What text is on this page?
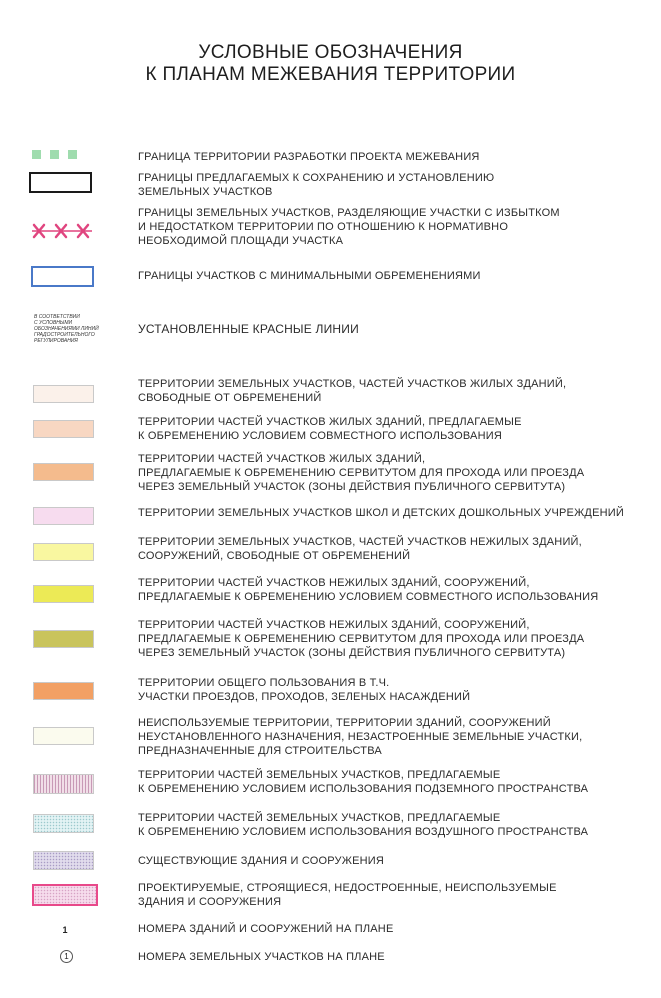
УСЛОВНЫЕ ОБОЗНАЧЕНИЯ
К ПЛАНАМ МЕЖЕВАНИЯ ТЕРРИТОРИИ
ГРАНИЦА ТЕРРИТОРИИ РАЗРАБОТКИ ПРОЕКТА МЕЖЕВАНИЯ
ГРАНИЦЫ ПРЕДЛАГАЕМЫХ К СОХРАНЕНИЮ И УСТАНОВЛЕНИЮ
ЗЕМЕЛЬНЫХ УЧАСТКОВ
ГРАНИЦЫ ЗЕМЕЛЬНЫХ УЧАСТКОВ, РАЗДЕЛЯЮЩИЕ УЧАСТКИ С ИЗБЫТКОМ
И НЕДОСТАТКОМ ТЕРРИТОРИИ ПО ОТНОШЕНИЮ К НОРМАТИВНО
НЕОБХОДИМОЙ ПЛОЩАДИ УЧАСТКА
ГРАНИЦЫ УЧАСТКОВ С МИНИМАЛЬНЫМИ ОБРЕМЕНЕНИЯМИ
В СООТВЕТСТВИИ
С УСЛОВНЫМИ
ОБОЗНАЧЕНИЯМИ ЛИНИЙ
ГРАДОСТРОИТЕЛЬНОГО
РЕГУЛИРОВАНИЯ
УСТАНОВЛЕННЫЕ КРАСНЫЕ ЛИНИИ
ТЕРРИТОРИИ ЗЕМЕЛЬНЫХ УЧАСТКОВ, ЧАСТЕЙ УЧАСТКОВ ЖИЛЫХ ЗДАНИЙ,
СВОБОДНЫЕ ОТ ОБРЕМЕНЕНИЙ
ТЕРРИТОРИИ ЧАСТЕЙ УЧАСТКОВ ЖИЛЫХ ЗДАНИЙ, ПРЕДЛАГАЕМЫЕ
К ОБРЕМЕНЕНИЮ УСЛОВИЕМ СОВМЕСТНОГО ИСПОЛЬЗОВАНИЯ
ТЕРРИТОРИИ ЧАСТЕЙ УЧАСТКОВ ЖИЛЫХ ЗДАНИЙ,
ПРЕДЛАГАЕМЫЕ К ОБРЕМЕНЕНИЮ СЕРВИТУТОМ ДЛЯ ПРОХОДА ИЛИ ПРОЕЗДА
ЧЕРЕЗ ЗЕМЕЛЬНЫЙ УЧАСТОК (ЗОНЫ ДЕЙСТВИЯ ПУБЛИЧНОГО СЕРВИТУТА)
ТЕРРИТОРИИ ЗЕМЕЛЬНЫХ УЧАСТКОВ ШКОЛ И ДЕТСКИХ ДОШКОЛЬНЫХ УЧРЕЖДЕНИЙ
ТЕРРИТОРИИ ЗЕМЕЛЬНЫХ УЧАСТКОВ, ЧАСТЕЙ УЧАСТКОВ НЕЖИЛЫХ ЗДАНИЙ,
СООРУЖЕНИЙ, СВОБОДНЫЕ ОТ ОБРЕМЕНЕНИЙ
ТЕРРИТОРИИ ЧАСТЕЙ УЧАСТКОВ НЕЖИЛЫХ ЗДАНИЙ, СООРУЖЕНИЙ,
ПРЕДЛАГАЕМЫЕ К ОБРЕМЕНЕНИЮ УСЛОВИЕМ СОВМЕСТНОГО ИСПОЛЬЗОВАНИЯ
ТЕРРИТОРИИ ЧАСТЕЙ УЧАСТКОВ НЕЖИЛЫХ ЗДАНИЙ, СООРУЖЕНИЙ,
ПРЕДЛАГАЕМЫЕ К ОБРЕМЕНЕНИЮ СЕРВИТУТОМ ДЛЯ ПРОХОДА ИЛИ ПРОЕЗДА
ЧЕРЕЗ ЗЕМЕЛЬНЫЙ УЧАСТОК (ЗОНЫ ДЕЙСТВИЯ ПУБЛИЧНОГО СЕРВИТУТА)
ТЕРРИТОРИИ ОБЩЕГО ПОЛЬЗОВАНИЯ В Т.Ч.
УЧАСТКИ ПРОЕЗДОВ, ПРОХОДОВ, ЗЕЛЕНЫХ НАСАЖДЕНИЙ
НЕИСПОЛЬЗУЕМЫЕ ТЕРРИТОРИИ, ТЕРРИТОРИИ ЗДАНИЙ, СООРУЖЕНИЙ
НЕУСТАНОВЛЕННОГО НАЗНАЧЕНИЯ, НЕЗАСТРОЕННЫЕ ЗЕМЕЛЬНЫЕ УЧАСТКИ,
ПРЕДНАЗНАЧЕННЫЕ ДЛЯ СТРОИТЕЛЬСТВА
ТЕРРИТОРИИ ЧАСТЕЙ ЗЕМЕЛЬНЫХ УЧАСТКОВ, ПРЕДЛАГАЕМЫЕ
К ОБРЕМЕНЕНИЮ УСЛОВИЕМ ИСПОЛЬЗОВАНИЯ ПОДЗЕМНОГО ПРОСТРАНСТВА
ТЕРРИТОРИИ ЧАСТЕЙ ЗЕМЕЛЬНЫХ УЧАСТКОВ, ПРЕДЛАГАЕМЫЕ
К ОБРЕМЕНЕНИЮ УСЛОВИЕМ ИСПОЛЬЗОВАНИЯ ВОЗДУШНОГО ПРОСТРАНСТВА
СУЩЕСТВУЮЩИЕ ЗДАНИЯ И СООРУЖЕНИЯ
ПРОЕКТИРУЕМЫЕ, СТРОЯЩИЕСЯ, НЕДОСТРОЕННЫЕ, НЕИСПОЛЬЗУЕМЫЕ
ЗДАНИЯ И СООРУЖЕНИЯ
1	НОМЕРА ЗДАНИЙ И СООРУЖЕНИЙ НА ПЛАНЕ
1	НОМЕРА ЗЕМЕЛЬНЫХ УЧАСТКОВ НА ПЛАНЕ
